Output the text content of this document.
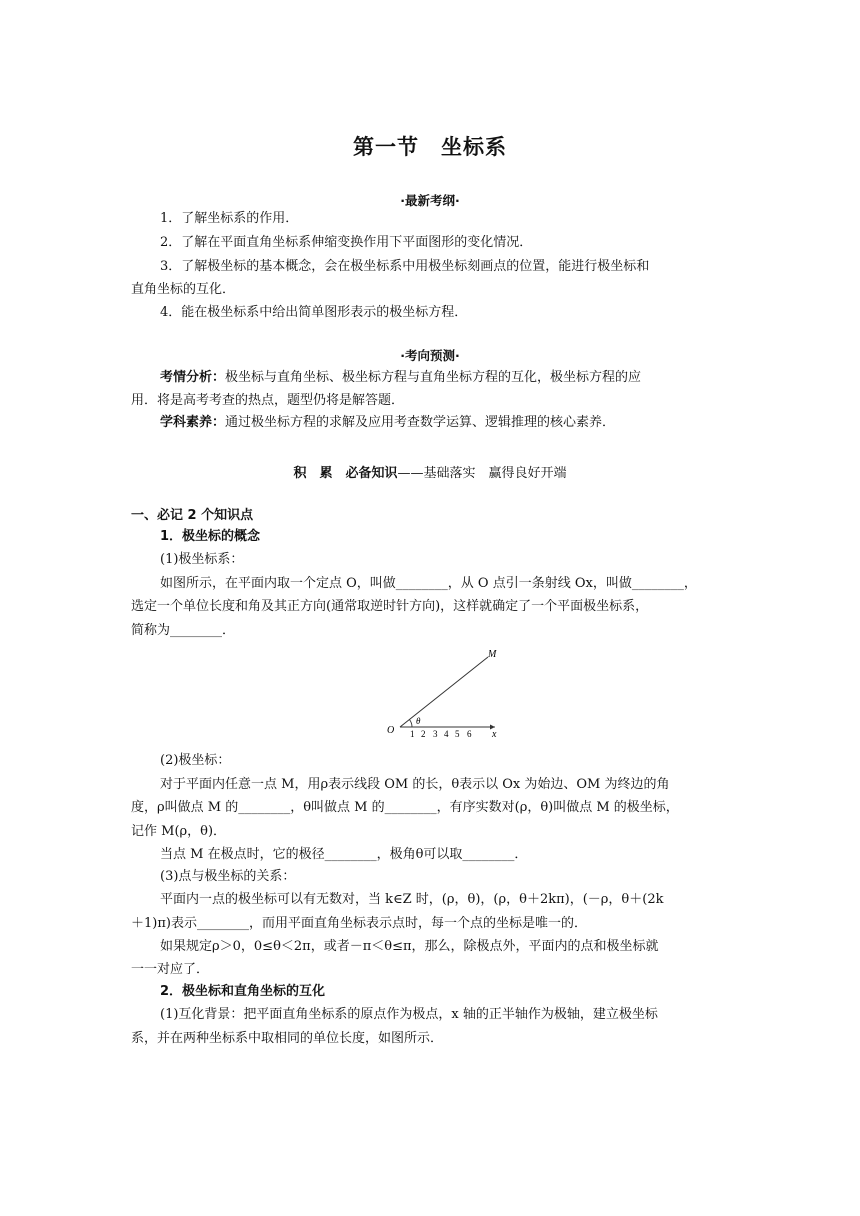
第一节　坐标系
·最新考纲·
1．了解坐标系的作用．
2．了解在平面直角坐标系伸缩变换作用下平面图形的变化情况．
3．了解极坐标的基本概念，会在极坐标系中用极坐标刻画点的位置，能进行极坐标和
直角坐标的互化．
4．能在极坐标系中给出简单图形表示的极坐标方程．
·考向预测·
考情分析：极坐标与直角坐标、极坐标方程与直角坐标方程的互化，极坐标方程的应
用．将是高考考查的热点，题型仍将是解答题．
学科素养：通过极坐标方程的求解及应用考查数学运算、逻辑推理的核心素养．
积　累　必备知识——基础落实　赢得良好开端
一、必记 2 个知识点
1．极坐标的概念
(1)极坐标系：
如图所示，在平面内取一个定点 O，叫做________，从 O 点引一条射线 Ox，叫做________，
选定一个单位长度和角及其正方向(通常取逆时针方向)，这样就确定了一个平面极坐标系，
简称为________．
O
M
x
θ
1 2 3 4 5 6
(2)极坐标：
对于平面内任意一点 M，用ρ表示线段 OM 的长，θ表示以 Ox 为始边、OM 为终边的角
度，ρ叫做点 M 的________，θ叫做点 M 的________，有序实数对(ρ，θ)叫做点 M 的极坐标，
记作 M(ρ，θ)．
当点 M 在极点时，它的极径________，极角θ可以取________．
(3)点与极坐标的关系：
平面内一点的极坐标可以有无数对，当 k∈Z 时，(ρ，θ)，(ρ，θ＋2kπ)，(－ρ，θ＋(2k
＋1)π)表示________，而用平面直角坐标表示点时，每一个点的坐标是唯一的．
如果规定ρ＞0，0≤θ＜2π，或者－π＜θ≤π，那么，除极点外，平面内的点和极坐标就
一一对应了．
2．极坐标和直角坐标的互化
(1)互化背景：把平面直角坐标系的原点作为极点，x 轴的正半轴作为极轴，建立极坐标
系，并在两种坐标系中取相同的单位长度，如图所示．
